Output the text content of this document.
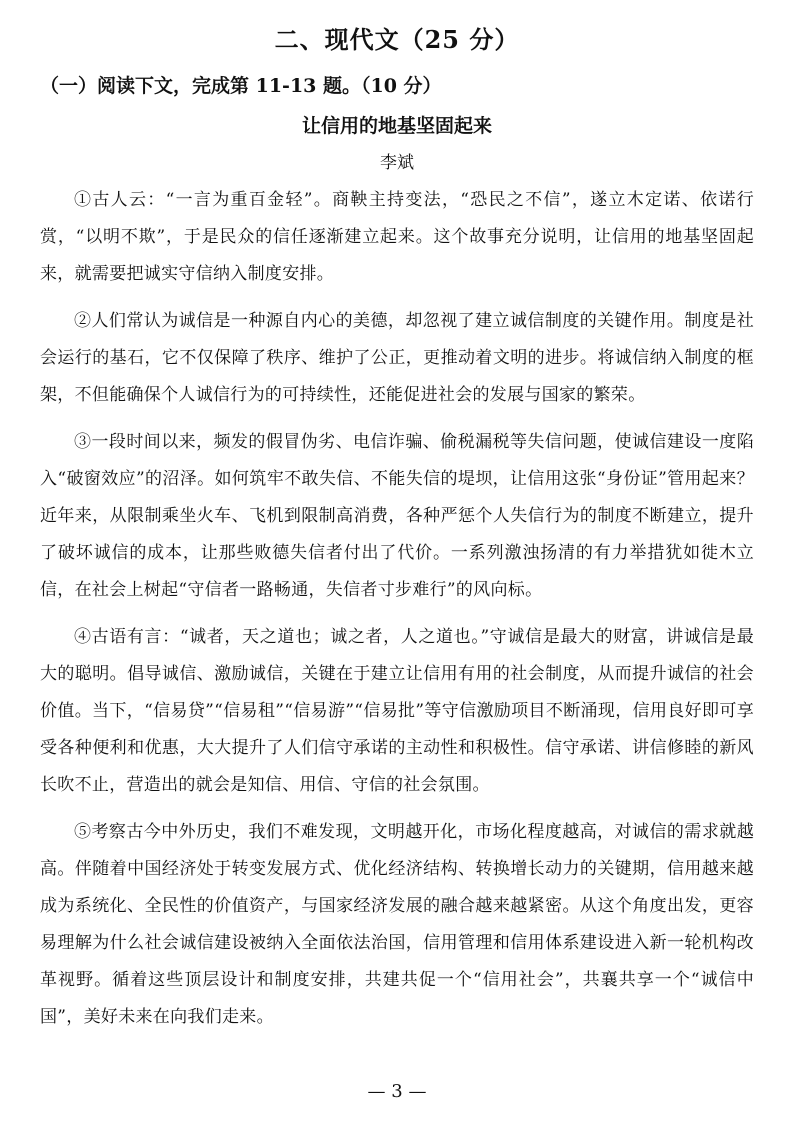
二、现代文（25 分）
（一）阅读下文，完成第 11-13 题。（10 分）
让信用的地基坚固起来
李斌

①古人云：“一言为重百金轻”。商鞅主持变法，“恐民之不信”，遂立木定诺、依诺行赏，“以明不欺”，于是民众的信任逐渐建立起来。这个故事充分说明，让信用的地基坚固起来，就需要把诚实守信纳入制度安排。

②人们常认为诚信是一种源自内心的美德，却忽视了建立诚信制度的关键作用。制度是社会运行的基石，它不仅保障了秩序、维护了公正，更推动着文明的进步。将诚信纳入制度的框架，不但能确保个人诚信行为的可持续性，还能促进社会的发展与国家的繁荣。

③一段时间以来，频发的假冒伪劣、电信诈骗、偷税漏税等失信问题，使诚信建设一度陷入“破窗效应”的沼泽。如何筑牢不敢失信、不能失信的堤坝，让信用这张“身份证”管用起来？近年来，从限制乘坐火车、飞机到限制高消费，各种严惩个人失信行为的制度不断建立，提升了破坏诚信的成本，让那些败德失信者付出了代价。一系列激浊扬清的有力举措犹如徙木立信，在社会上树起“守信者一路畅通，失信者寸步难行”的风向标。

④古语有言：“诚者，天之道也；诚之者，人之道也。”守诚信是最大的财富，讲诚信是最大的聪明。倡导诚信、激励诚信，关键在于建立让信用有用的社会制度，从而提升诚信的社会价值。当下，“信易贷”“信易租”“信易游”“信易批”等守信激励项目不断涌现，信用良好即可享受各种便利和优惠，大大提升了人们信守承诺的主动性和积极性。信守承诺、讲信修睦的新风长吹不止，营造出的就会是知信、用信、守信的社会氛围。

⑤考察古今中外历史，我们不难发现，文明越开化，市场化程度越高，对诚信的需求就越高。伴随着中国经济处于转变发展方式、优化经济结构、转换增长动力的关键期，信用越来越成为系统化、全民性的价值资产，与国家经济发展的融合越来越紧密。从这个角度出发，更容易理解为什么社会诚信建设被纳入全面依法治国，信用管理和信用体系建设进入新一轮机构改革视野。循着这些顶层设计和制度安排，共建共促一个“信用社会”，共襄共享一个“诚信中国”，美好未来在向我们走来。

— 3 —
